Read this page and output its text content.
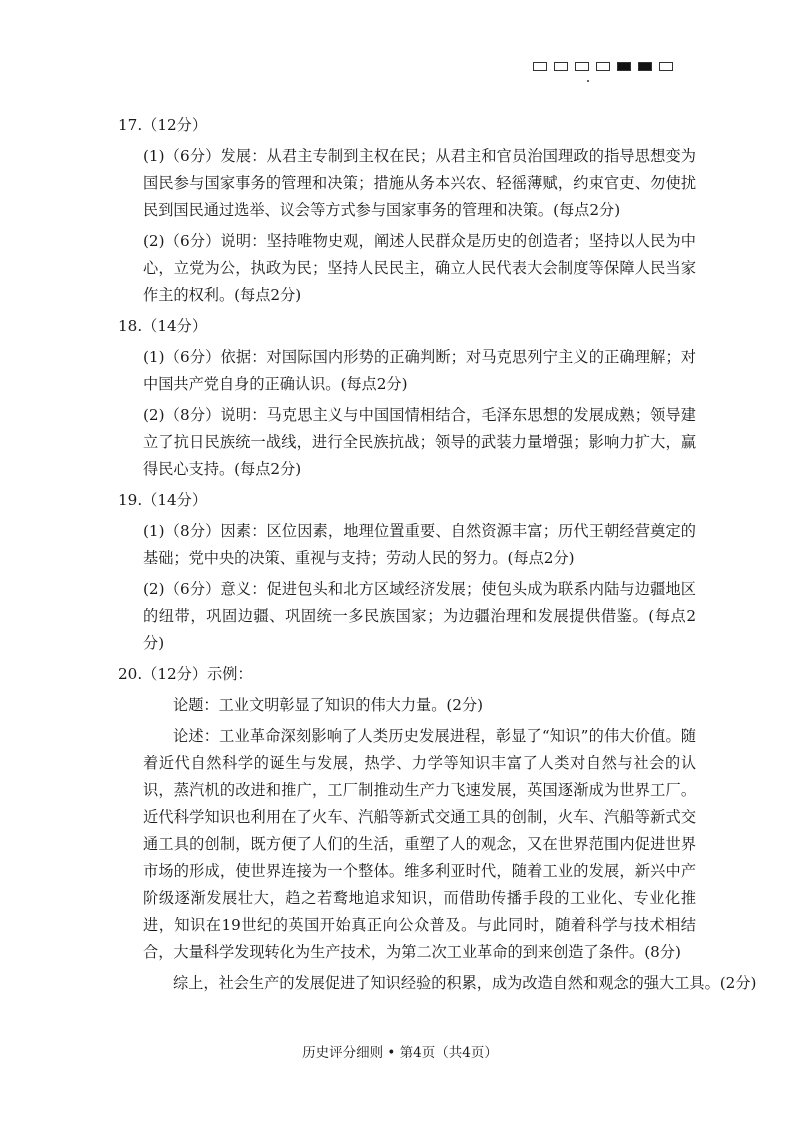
17.（12分）
(1)（6分）发展：从君主专制到主权在民；从君主和官员治国理政的指导思想变为国民参与国家事务的管理和决策；措施从务本兴农、轻徭薄赋，约束官吏、勿使扰民到国民通过选举、议会等方式参与国家事务的管理和决策。(每点2分)
(2)（6分）说明：坚持唯物史观，阐述人民群众是历史的创造者；坚持以人民为中心，立党为公，执政为民；坚持人民民主，确立人民代表大会制度等保障人民当家作主的权利。(每点2分)
18.（14分）
(1)（6分）依据：对国际国内形势的正确判断；对马克思列宁主义的正确理解；对中国共产党自身的正确认识。(每点2分)
(2)（8分）说明：马克思主义与中国国情相结合，毛泽东思想的发展成熟；领导建立了抗日民族统一战线，进行全民族抗战；领导的武装力量增强；影响力扩大，赢得民心支持。(每点2分)
19.（14分）
(1)（8分）因素：区位因素，地理位置重要、自然资源丰富；历代王朝经营奠定的基础；党中央的决策、重视与支持；劳动人民的努力。(每点2分)
(2)（6分）意义：促进包头和北方区域经济发展；使包头成为联系内陆与边疆地区的纽带，巩固边疆、巩固统一多民族国家；为边疆治理和发展提供借鉴。(每点2分)
20.（12分）示例：
论题：工业文明彰显了知识的伟大力量。(2分)
论述：工业革命深刻影响了人类历史发展进程，彰显了“知识”的伟大价值。随着近代自然科学的诞生与发展，热学、力学等知识丰富了人类对自然与社会的认识，蒸汽机的改进和推广，工厂制推动生产力飞速发展，英国逐渐成为世界工厂。近代科学知识也利用在了火车、汽船等新式交通工具的创制，火车、汽船等新式交通工具的创制，既方便了人们的生活，重塑了人的观念，又在世界范围内促进世界市场的形成，使世界连接为一个整体。维多利亚时代，随着工业的发展，新兴中产阶级逐渐发展壮大，趋之若鹜地追求知识，而借助传播手段的工业化、专业化推进，知识在19世纪的英国开始真正向公众普及。与此同时，随着科学与技术相结合，大量科学发现转化为生产技术，为第二次工业革命的到来创造了条件。(8分)
综上，社会生产的发展促进了知识经验的积累，成为改造自然和观念的强大工具。(2分)
历史评分细则 • 第4页（共4页）
